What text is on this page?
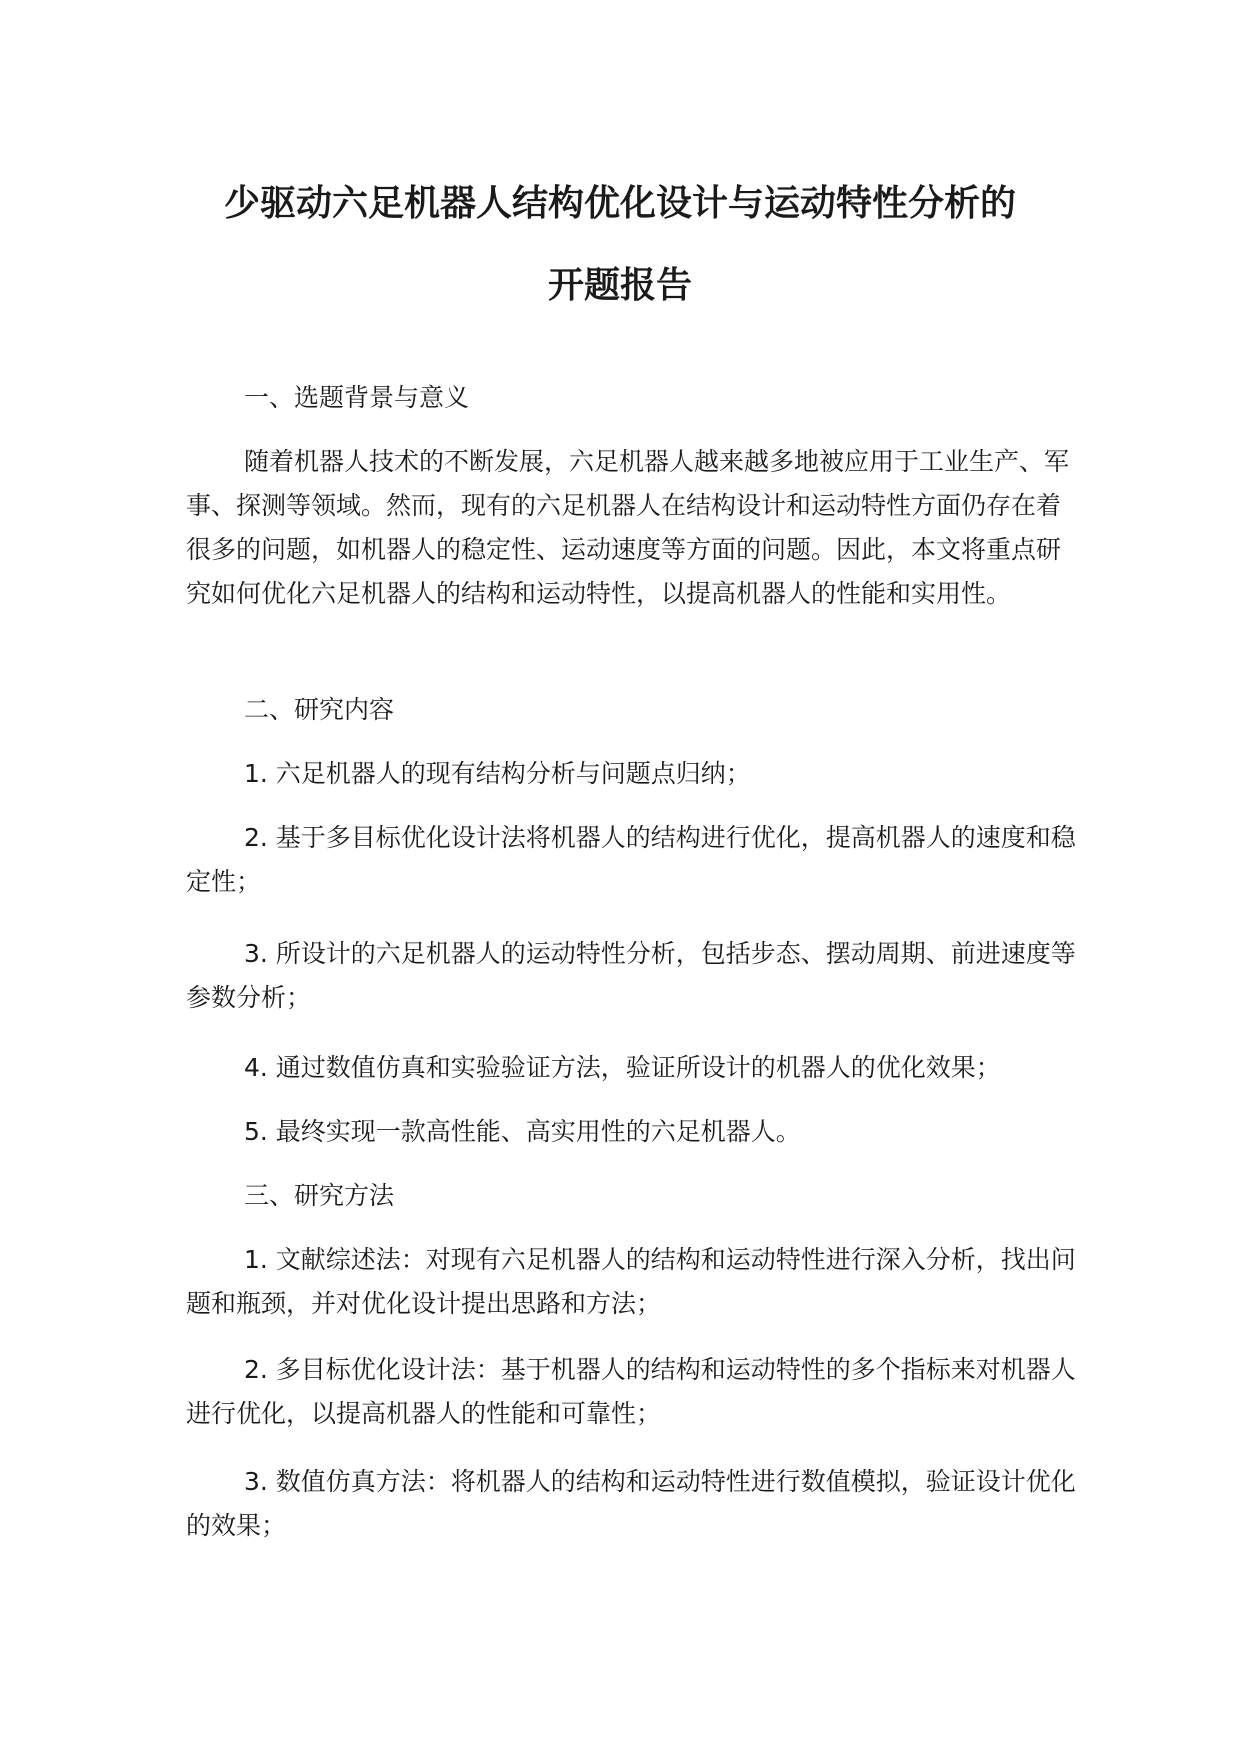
少驱动六足机器人结构优化设计与运动特性分析的
开题报告

一、选题背景与意义

随着机器人技术的不断发展，六足机器人越来越多地被应用于工业生产、军事、探测等领域。然而，现有的六足机器人在结构设计和运动特性方面仍存在着很多的问题，如机器人的稳定性、运动速度等方面的问题。因此，本文将重点研究如何优化六足机器人的结构和运动特性，以提高机器人的性能和实用性。

二、研究内容

1. 六足机器人的现有结构分析与问题点归纳；

2. 基于多目标优化设计法将机器人的结构进行优化，提高机器人的速度和稳定性；

3. 所设计的六足机器人的运动特性分析，包括步态、摆动周期、前进速度等参数分析；

4. 通过数值仿真和实验验证方法，验证所设计的机器人的优化效果；

5. 最终实现一款高性能、高实用性的六足机器人。

三、研究方法

1. 文献综述法：对现有六足机器人的结构和运动特性进行深入分析，找出问题和瓶颈，并对优化设计提出思路和方法；

2. 多目标优化设计法：基于机器人的结构和运动特性的多个指标来对机器人进行优化，以提高机器人的性能和可靠性；

3. 数值仿真方法：将机器人的结构和运动特性进行数值模拟，验证设计优化的效果；
